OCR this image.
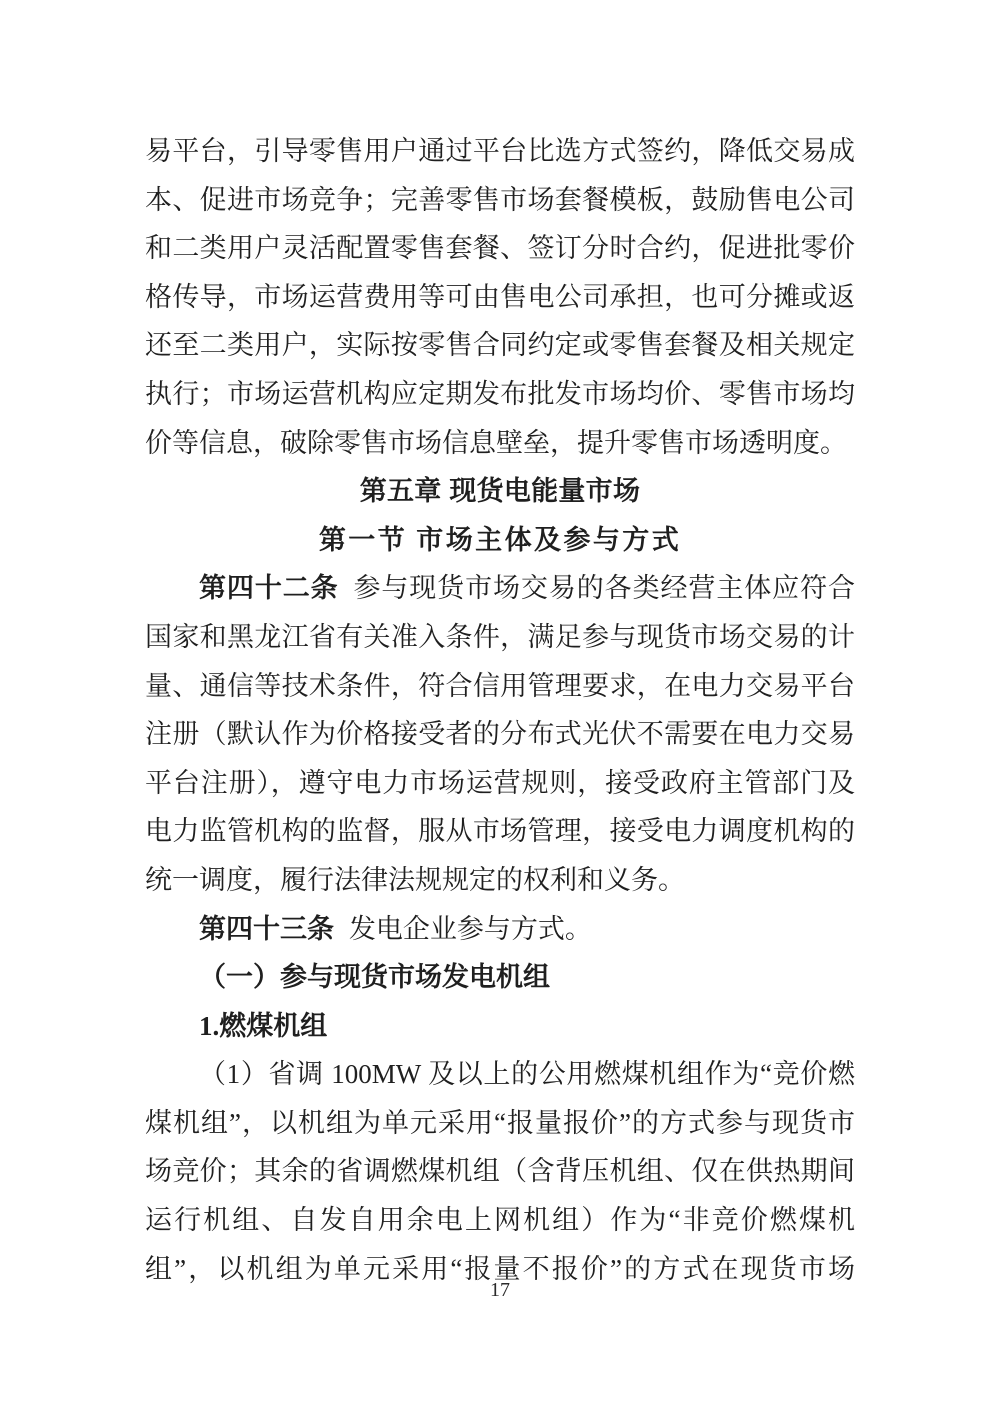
易平台，引导零售用户通过平台比选方式签约，降低交易成本、促进市场竞争；完善零售市场套餐模板，鼓励售电公司和二类用户灵活配置零售套餐、签订分时合约，促进批零价格传导，市场运营费用等可由售电公司承担，也可分摊或返还至二类用户，实际按零售合同约定或零售套餐及相关规定执行；市场运营机构应定期发布批发市场均价、零售市场均价等信息，破除零售市场信息壁垒，提升零售市场透明度。

第五章 现货电能量市场
第一节 市场主体及参与方式

第四十二条 参与现货市场交易的各类经营主体应符合国家和黑龙江省有关准入条件，满足参与现货市场交易的计量、通信等技术条件，符合信用管理要求，在电力交易平台注册（默认作为价格接受者的分布式光伏不需要在电力交易平台注册），遵守电力市场运营规则，接受政府主管部门及电力监管机构的监督，服从市场管理，接受电力调度机构的统一调度，履行法律法规规定的权利和义务。

第四十三条 发电企业参与方式。

（一）参与现货市场发电机组

1.燃煤机组

（1）省调 100MW 及以上的公用燃煤机组作为“竞价燃煤机组”，以机组为单元采用“报量报价”的方式参与现货市场竞价；其余的省调燃煤机组（含背压机组、仅在供热期间运行机组、自发自用余电上网机组）作为“非竞价燃煤机组”，以机组为单元采用“报量不报价”的方式在现货市场

17
